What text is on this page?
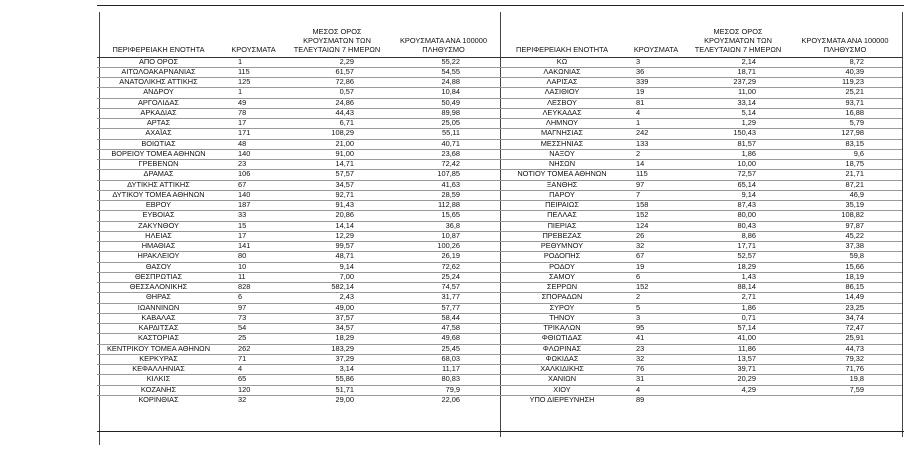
ΠΕΡΙΦΕΡΕΙΑΚΗ ΕΝΟΤΗΤΑ	ΚΡΟΥΣΜΑΤΑ	ΜΕΣΟΣ ΟΡΟΣ ΚΡΟΥΣΜΑΤΩΝ ΤΩΝ ΤΕΛΕΥΤΑΙΩΝ 7 ΗΜΕΡΩΝ	ΚΡΟΥΣΜΑΤΑ ΑΝΑ 100000 ΠΛΗΘΥΣΜΟ
ΑΠΟ ΟΡΟΣ	1	2,29	55,22
ΑΙΤΩΛΟΑΚΑΡΝΑΝΙΑΣ	115	61,57	54,55
ΑΝΑΤΟΛΙΚΗΣ ΑΤΤΙΚΗΣ	125	72,86	24,88
ΑΝΔΡΟΥ	1	0,57	10,84
ΑΡΓΟΛΙΔΑΣ	49	24,86	50,49
ΑΡΚΑΔΙΑΣ	78	44,43	89,98
ΑΡΤΑΣ	17	6,71	25,05
ΑΧΑΪΑΣ	171	108,29	55,11
ΒΟΙΩΤΙΑΣ	48	21,00	40,71
ΒΟΡΕΙΟΥ ΤΟΜΕΑ ΑΘΗΝΩΝ	140	91,00	23,68
ΓΡΕΒΕΝΩΝ	23	14,71	72,42
ΔΡΑΜΑΣ	106	57,57	107,85
ΔΥΤΙΚΗΣ ΑΤΤΙΚΗΣ	67	34,57	41,63
ΔΥΤΙΚΟΥ ΤΟΜΕΑ ΑΘΗΝΩΝ	140	92,71	28,59
ΕΒΡΟΥ	187	91,43	112,88
ΕΥΒΟΙΑΣ	33	20,86	15,65
ΖΑΚΥΝΘΟΥ	15	14,14	36,8
ΗΛΕΙΑΣ	17	12,29	10,87
ΗΜΑΘΙΑΣ	141	99,57	100,26
ΗΡΑΚΛΕΙΟΥ	80	48,71	26,19
ΘΑΣΟΥ	10	9,14	72,62
ΘΕΣΠΡΩΤΙΑΣ	11	7,00	25,24
ΘΕΣΣΑΛΟΝΙΚΗΣ	828	582,14	74,57
ΘΗΡΑΣ	6	2,43	31,77
ΙΩΑΝΝΙΝΩΝ	97	49,00	57,77
ΚΑΒΑΛΑΣ	73	37,57	58,44
ΚΑΡΔΙΤΣΑΣ	54	34,57	47,58
ΚΑΣΤΟΡΙΑΣ	25	18,29	49,68
ΚΕΝΤΡΙΚΟΥ ΤΟΜΕΑ ΑΘΗΝΩΝ	262	183,29	25,45
ΚΕΡΚΥΡΑΣ	71	37,29	68,03
ΚΕΦΑΛΛΗΝΙΑΣ	4	3,14	11,17
ΚΙΛΚΙΣ	65	55,86	80,83
ΚΟΖΑΝΗΣ	120	51,71	79,9
ΚΟΡΙΝΘΙΑΣ	32	29,00	22,06
ΠΕΡΙΦΕΡΕΙΑΚΗ ΕΝΟΤΗΤΑ	ΚΡΟΥΣΜΑΤΑ	ΜΕΣΟΣ ΟΡΟΣ ΚΡΟΥΣΜΑΤΩΝ ΤΩΝ ΤΕΛΕΥΤΑΙΩΝ 7 ΗΜΕΡΩΝ	ΚΡΟΥΣΜΑΤΑ ΑΝΑ 100000 ΠΛΗΘΥΣΜΟ
ΚΩ	3	2,14	8,72
ΛΑΚΩΝΙΑΣ	36	18,71	40,39
ΛΑΡΙΣΑΣ	339	237,29	119,23
ΛΑΣΙΘΙΟΥ	19	11,00	25,21
ΛΕΣΒΟΥ	81	33,14	93,71
ΛΕΥΚΑΔΑΣ	4	5,14	16,88
ΛΗΜΝΟΥ	1	1,29	5,79
ΜΑΓΝΗΣΙΑΣ	242	150,43	127,98
ΜΕΣΣΗΝΙΑΣ	133	81,57	83,15
ΝΑΞΟΥ	2	1,86	9,6
ΝΗΣΩΝ	14	10,00	18,75
ΝΟΤΙΟΥ ΤΟΜΕΑ ΑΘΗΝΩΝ	115	72,57	21,71
ΞΑΝΘΗΣ	97	65,14	87,21
ΠΑΡΟΥ	7	9,14	46,9
ΠΕΙΡΑΙΩΣ	158	87,43	35,19
ΠΕΛΛΑΣ	152	80,00	108,82
ΠΙΕΡΙΑΣ	124	80,43	97,87
ΠΡΕΒΕΖΑΣ	26	8,86	45,22
ΡΕΘΥΜΝΟΥ	32	17,71	37,38
ΡΟΔΟΠΗΣ	67	52,57	59,8
ΡΟΔΟΥ	19	18,29	15,66
ΣΑΜΟΥ	6	1,43	18,19
ΣΕΡΡΩΝ	152	88,14	86,15
ΣΠΟΡΑΔΩΝ	2	2,71	14,49
ΣΥΡΟΥ	5	1,86	23,25
ΤΗΝΟΥ	3	0,71	34,74
ΤΡΙΚΑΛΩΝ	95	57,14	72,47
ΦΘΙΩΤΙΔΑΣ	41	41,00	25,91
ΦΛΩΡΙΝΑΣ	23	11,86	44,73
ΦΩΚΙΔΑΣ	32	13,57	79,32
ΧΑΛΚΙΔΙΚΗΣ	76	39,71	71,76
ΧΑΝΙΩΝ	31	20,29	19,8
ΧΙΟΥ	4	4,29	7,59
ΥΠΟ ΔΙΕΡΕΥΝΗΣΗ	89		
